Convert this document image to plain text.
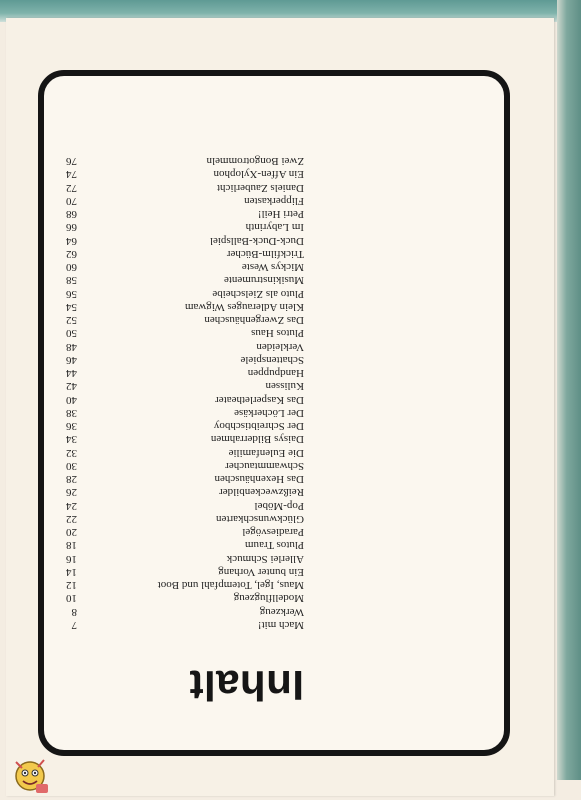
Inhalt
Mach mit!
7
Werkzeug
8
Modellflugzeug
10
Maus, Igel, Totempfahl und Boot
12
Ein bunter Vorhang
14
Allerlei Schmuck
16
Plutos Traum
18
Paradiesvögel
20
Glückwunschkarten
22
Pop-Möbel
24
Reißzweckenbilder
26
Das Hexenhäuschen
28
Schwammtaucher
30
Die Eulenfamilie
32
Daisys Bilderrahmen
34
Der Schreibtischboy
36
Der Löcherkäse
38
Das Kasperletheater
40
Kulissen
42
Handpuppen
44
Schattenspiele
46
Verkleiden
48
Plutos Haus
50
Das Zwergenhäuschen
52
Klein Adlerauges Wigwam
54
Pluto als Zielscheibe
56
Musikinstrumente
58
Mickys Weste
60
Trickfilm-Bücher
62
Duck-Duck-Ballspiel
64
Im Labyrinth
66
Petri Heil!
68
Flipperkasten
70
Daniels Zauberlicht
72
Ein Affen-Xylophon
74
Zwei Bongotrommeln
76
